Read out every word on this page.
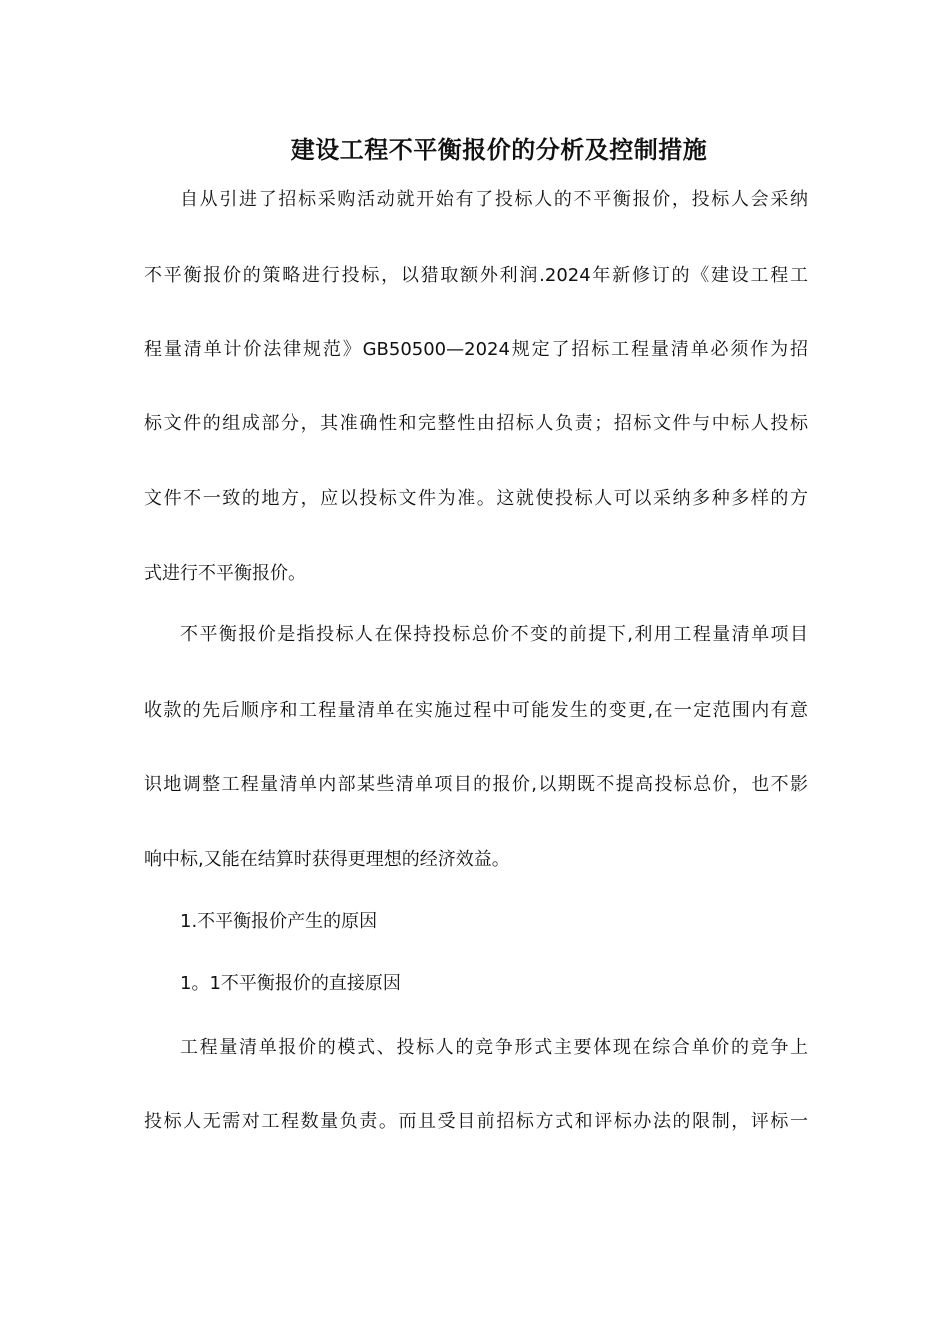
建设工程不平衡报价的分析及控制措施
自从引进了招标采购活动就开始有了投标人的不平衡报价，投标人会采纳
不平衡报价的策略进行投标，以猎取额外利润.2024年新修订的《建设工程工
程量清单计价法律规范》GB50500—2024规定了招标工程量清单必须作为招
标文件的组成部分，其准确性和完整性由招标人负责；招标文件与中标人投标
文件不一致的地方，应以投标文件为准。这就使投标人可以采纳多种多样的方
式进行不平衡报价。
不平衡报价是指投标人在保持投标总价不变的前提下,利用工程量清单项目
收款的先后顺序和工程量清单在实施过程中可能发生的变更,在一定范围内有意
识地调整工程量清单内部某些清单项目的报价,以期既不提高投标总价，也不影
响中标,又能在结算时获得更理想的经济效益。
1.不平衡报价产生的原因
1。1不平衡报价的直接原因
工程量清单报价的模式、投标人的竞争形式主要体现在综合单价的竞争上
投标人无需对工程数量负责。而且受目前招标方式和评标办法的限制，评标一
